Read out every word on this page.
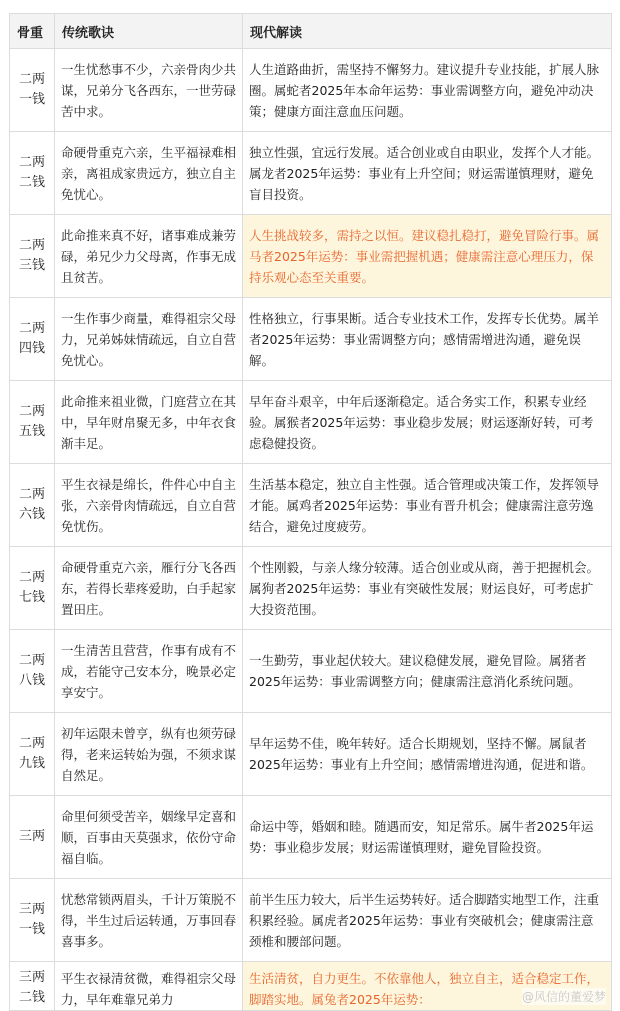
骨重	传统歌诀	现代解读

二两
一钱	一生忧愁事不少，六亲骨肉少共谋，兄弟分飞各西东，一世劳碌苦中求。	人生道路曲折，需坚持不懈努力。建议提升专业技能，扩展人脉圈。属蛇者2025年本命年运势：事业需调整方向，避免冲动决策；健康方面注意血压问题。

二两
二钱	命硬骨重克六亲，生平福禄难相亲，离祖成家贵远方，独立自主免忧心。	独立性强，宜远行发展。适合创业或自由职业，发挥个人才能。属龙者2025年运势：事业有上升空间；财运需谨慎理财，避免盲目投资。

二两
三钱	此命推来真不好，诸事难成兼劳碌，弟兄少力父母离，作事无成且贫苦。	人生挑战较多，需持之以恒。建议稳扎稳打，避免冒险行事。属马者2025年运势：事业需把握机遇；健康需注意心理压力，保持乐观心态至关重要。

二两
四钱	一生作事少商量，难得祖宗父母力，兄弟姊妹情疏远，自立自营免忧心。	性格独立，行事果断。适合专业技术工作，发挥专长优势。属羊者2025年运势：事业需调整方向；感情需增进沟通，避免误解。

二两
五钱	此命推来祖业微，门庭营立在其中，早年财帛聚无多，中年衣食渐丰足。	早年奋斗艰辛，中年后逐渐稳定。适合务实工作，积累专业经验。属猴者2025年运势：事业稳步发展；财运逐渐好转，可考虑稳健投资。

二两
六钱	平生衣禄是绵长，件件心中自主张，六亲骨肉情疏远，自立自营免忧伤。	生活基本稳定，独立自主性强。适合管理或决策工作，发挥领导才能。属鸡者2025年运势：事业有晋升机会；健康需注意劳逸结合，避免过度疲劳。

二两
七钱	命硬骨重克六亲，雁行分飞各西东，若得长辈疼爱助，白手起家置田庄。	个性刚毅，与亲人缘分较薄。适合创业或从商，善于把握机会。属狗者2025年运势：事业有突破性发展；财运良好，可考虑扩大投资范围。

二两
八钱	一生清苦且营营，作事有成有不成，若能守己安本分，晚景必定享安宁。	一生勤劳，事业起伏较大。建议稳健发展，避免冒险。属猪者2025年运势：事业需调整方向；健康需注意消化系统问题。

二两
九钱	初年运限未曾亨，纵有也须劳碌得，老来运转始为强，不须求谋自然足。	早年运势不佳，晚年转好。适合长期规划，坚持不懈。属鼠者2025年运势：事业有上升空间；感情需增进沟通，促进和谐。

三两	命里何须受苦辛，姻缘早定喜和顺，百事由天莫强求，依份守命福自临。	命运中等，婚姻和睦。随遇而安，知足常乐。属牛者2025年运势：事业稳步发展；财运需谨慎理财，避免冒险投资。

三两
一钱	忧愁常锁两眉头，千计万策脱不得，半生过后运转通，万事回春喜事多。	前半生压力较大，后半生运势转好。适合脚踏实地型工作，注重积累经验。属虎者2025年运势：事业有突破机会；健康需注意颈椎和腰部问题。

三两
二钱	平生衣禄清贫微，难得祖宗父母力，早年难靠兄弟力	生活清贫，自力更生。不依靠他人，独立自主，适合稳定工作，脚踏实地。属兔者2025年运势：	@风信的董爱梦
